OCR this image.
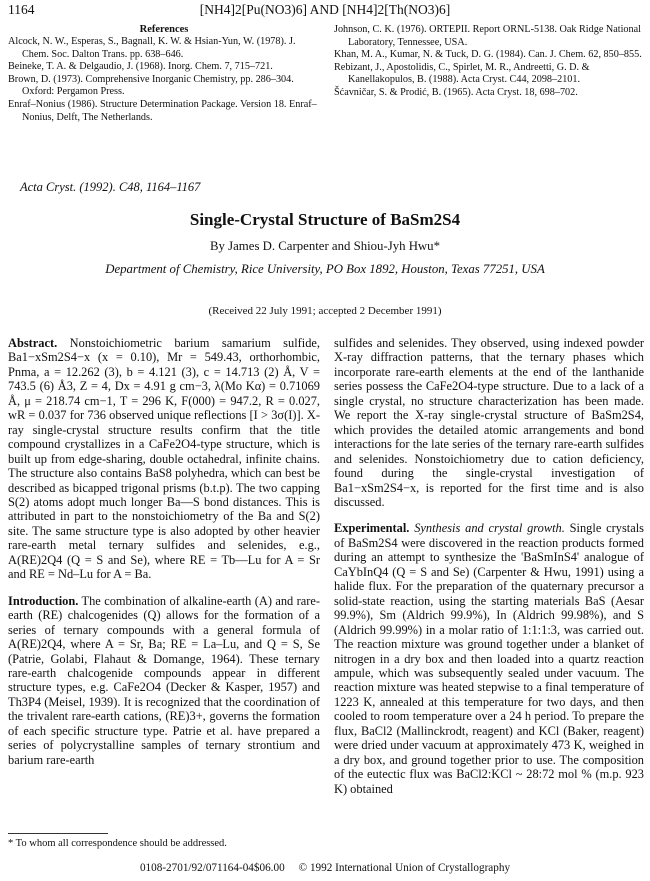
1164	[NH4]2[Pu(NO3)6] AND [NH4]2[Th(NO3)6]
References

Alcock, N. W., Esperas, S., Bagnall, K. W. & Hsian-Yun, W. (1978). J. Chem. Soc. Dalton Trans. pp. 638–646.

Beineke, T. A. & Delgaudio, J. (1968). Inorg. Chem. 7, 715–721.

Brown, D. (1973). Comprehensive Inorganic Chemistry, pp. 286–304. Oxford: Pergamon Press.

Enraf–Nonius (1986). Structure Determination Package. Version 18. Enraf–Nonius, Delft, The Netherlands.

Johnson, C. K. (1976). ORTEPII. Report ORNL-5138. Oak Ridge National Laboratory, Tennessee, USA.

Khan, M. A., Kumar, N. & Tuck, D. G. (1984). Can. J. Chem. 62, 850–855.

Rebizant, J., Apostolidis, C., Spirlet, M. R., Andreetti, G. D. & Kanellakopulos, B. (1988). Acta Cryst. C44, 2098–2101.

Šćavničar, S. & Prodić, B. (1965). Acta Cryst. 18, 698–702.

Acta Cryst. (1992). C48, 1164–1167
Single-Crystal Structure of BaSm2S4
By James D. Carpenter and Shiou-Jyh Hwu*
Department of Chemistry, Rice University, PO Box 1892, Houston, Texas 77251, USA
(Received 22 July 1991; accepted 2 December 1991)

Abstract. Nonstoichiometric barium samarium sulfide, Ba1−xSm2S4−x (x = 0.10), Mr = 549.43, orthorhombic, Pnma, a = 12.262 (3), b = 4.121 (3), c = 14.713 (2) Å, V = 743.5 (6) Å3, Z = 4, Dx = 4.91 g cm−3, λ(Mo Kα) = 0.71069 Å, μ = 218.74 cm−1, T = 296 K, F(000) = 947.2, R = 0.027, wR = 0.037 for 736 observed unique reflections [I > 3σ(I)]. X-ray single-crystal structure results confirm that the title compound crystallizes in a CaFe2O4-type structure, which is built up from edge-sharing, double octahedral, infinite chains. The structure also contains BaS8 polyhedra, which can best be described as bicapped trigonal prisms (b.t.p). The two capping S(2) atoms adopt much longer Ba—S bond distances. This is attributed in part to the nonstoichiometry of the Ba and S(2) site. The same structure type is also adopted by other heavier rare-earth metal ternary sulfides and selenides, e.g., A(RE)2Q4 (Q = S and Se), where RE = Tb—Lu for A = Sr and RE = Nd–Lu for A = Ba.

Introduction. The combination of alkaline-earth (A) and rare-earth (RE) chalcogenides (Q) allows for the formation of a series of ternary compounds with a general formula of A(RE)2Q4, where A = Sr, Ba; RE = La–Lu, and Q = S, Se (Patrie, Golabi, Flahaut & Domange, 1964). These ternary rare-earth chalcogenide compounds appear in different structure types, e.g. CaFe2O4 (Decker & Kasper, 1957) and Th3P4 (Meisel, 1939). It is recognized that the coordination of the trivalent rare-earth cations, (RE)3+, governs the formation of each specific structure type. Patrie et al. have prepared a series of polycrystalline samples of ternary strontium and barium rare-earth

sulfides and selenides. They observed, using indexed powder X-ray diffraction patterns, that the ternary phases which incorporate rare-earth elements at the end of the lanthanide series possess the CaFe2O4-type structure. Due to a lack of a single crystal, no structure characterization has been made. We report the X-ray single-crystal structure of BaSm2S4, which provides the detailed atomic arrangements and bond interactions for the late series of the ternary rare-earth sulfides and selenides. Nonstoichiometry due to cation deficiency, found during the single-crystal investigation of Ba1−xSm2S4−x, is reported for the first time and is also discussed.

Experimental. Synthesis and crystal growth. Single crystals of BaSm2S4 were discovered in the reaction products formed during an attempt to synthesize the 'BaSmInS4' analogue of CaYbInQ4 (Q = S and Se) (Carpenter & Hwu, 1991) using a halide flux. For the preparation of the quaternary precursor a solid-state reaction, using the starting materials BaS (Aesar 99.9%), Sm (Aldrich 99.9%), In (Aldrich 99.98%), and S (Aldrich 99.99%) in a molar ratio of 1:1:1:3, was carried out. The reaction mixture was ground together under a blanket of nitrogen in a dry box and then loaded into a quartz reaction ampule, which was subsequently sealed under vacuum. The reaction mixture was heated stepwise to a final temperature of 1223 K, annealed at this temperature for two days, and then cooled to room temperature over a 24 h period. To prepare the flux, BaCl2 (Mallinckrodt, reagent) and KCl (Baker, reagent) were dried under vacuum at approximately 473 K, weighed in a dry box, and ground together prior to use. The composition of the eutectic flux was BaCl2:KCl ~ 28:72 mol % (m.p. 923 K) obtained

* To whom all correspondence should be addressed.
0108-2701/92/071164-04$06.00 © 1992 International Union of Crystallography
